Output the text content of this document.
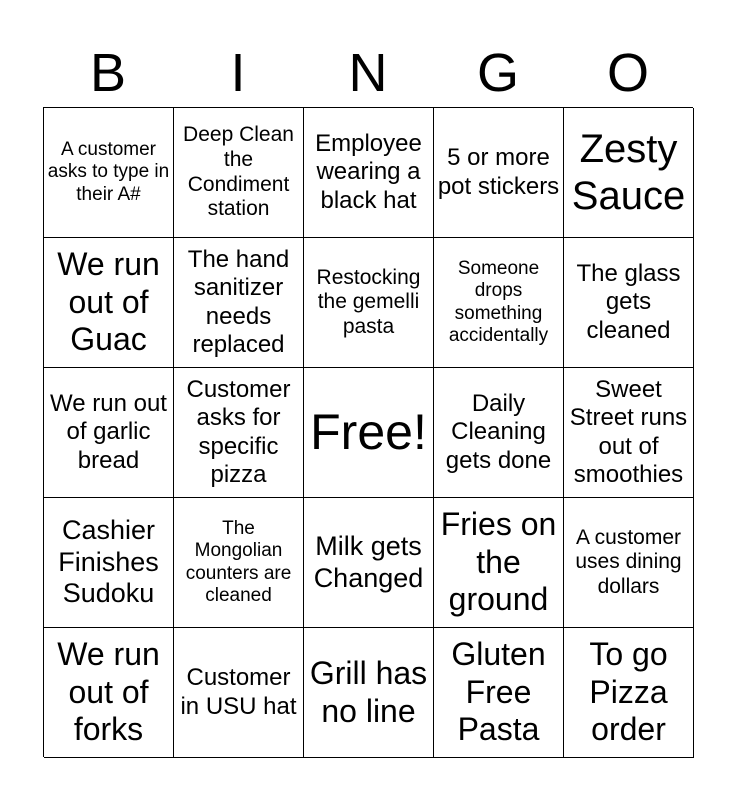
B	I	N	G	O
A customer asks to type in their A#
Deep Clean the Condiment station
Employee wearing a black hat
5 or more pot stickers
Zesty Sauce
We run out of Guac
The hand sanitizer needs replaced
Restocking the gemelli pasta
Someone drops something accidentally
The glass gets cleaned
We run out of garlic bread
Customer asks for specific pizza
Free!
Daily Cleaning gets done
Sweet Street runs out of smoothies
Cashier Finishes Sudoku
The Mongolian counters are cleaned
Milk gets Changed
Fries on the ground
A customer uses dining dollars
We run out of forks
Customer in USU hat
Grill has no line
Gluten Free Pasta
To go Pizza order
